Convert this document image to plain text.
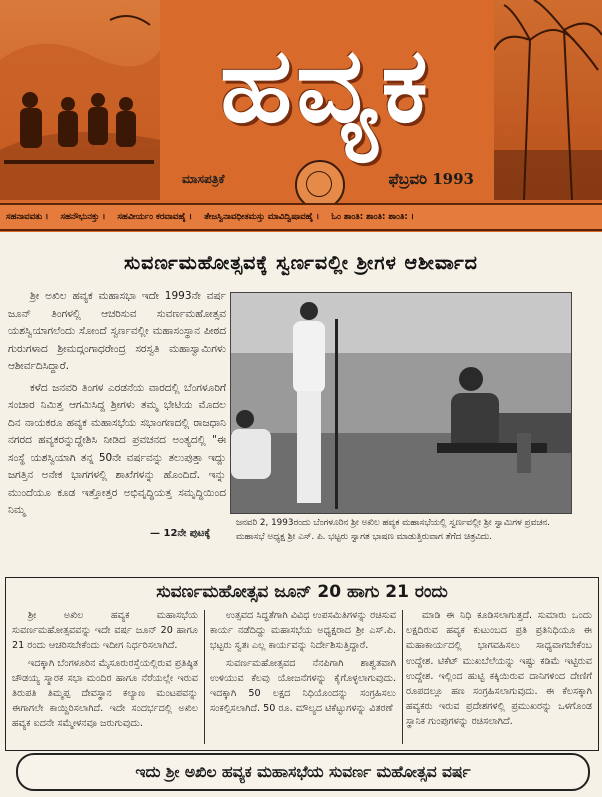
ಹವ್ಯಕ
ಮಾಸಪತ್ರಿಕೆ	ಫೆಬ್ರವರಿ 1993
ಸಹನಾವವತು ।	ಸಹನೌಭುನಕ್ತು ।	ಸಹವೀರ್ಯಂ ಕರವಾವಹೈ ।	ತೇಜಸ್ವಿನಾವಧೀತಮಸ್ತು ಮಾವಿದ್ವಿಷಾವಹೈ ।	ಓಂ ಶಾಂತಿ: ಶಾಂತಿ: ಶಾಂತಿ: ।
ಸುವರ್ಣಮಹೋತ್ಸವಕ್ಕೆ ಸ್ವರ್ಣವಲ್ಲೀ ಶ್ರೀಗಳ ಆಶೀರ್ವಾದ

ಶ್ರೀ ಅಖಿಲ ಹವ್ಯಕ ಮಹಾಸಭಾ ಇದೇ 1993ನೇ ವರ್ಷ ಜೂನ್ ತಿಂಗಳಲ್ಲಿ ಆಚರಿಸುವ ಸುವರ್ಣಮಹೋತ್ಸವ ಯಶಸ್ವಿಯಾಗಲೆಂದು ಸೋಂದೆ ಸ್ವರ್ಣವಲ್ಲೀ ಮಹಾಸಂಸ್ಥಾನ ಪೀಠದ ಗುರುಗಳಾದ ಶ್ರೀಮದ್ಗಂಗಾಧರೇಂದ್ರ ಸರಸ್ವತಿ ಮಹಾಸ್ವಾಮಿಗಳು ಆಶೀರ್ವದಿಸಿದ್ದಾರೆ.

ಕಳೆದ ಜನವರಿ ತಿಂಗಳ ಎರಡನೆಯ ವಾರದಲ್ಲಿ ಬೆಂಗಳೂರಿಗೆ ಸಂಚಾರ ನಿಮಿತ್ತ ಆಗಮಿಸಿದ್ದ ಶ್ರೀಗಳು ತಮ್ಮ ಭೇಟಿಯ ಮೊದಲ ದಿನ ನಾಯಕರೂ ಹವ್ಯಕ ಮಹಾಸಭೆಯ ಸಭಾಂಗಣದಲ್ಲಿ ರಾಜಧಾನಿ ನಗರದ ಹವ್ಯಕರನ್ನುದ್ದೇಶಿಸಿ ನೀಡಿದ ಪ್ರವಚನದ ಅಂತ್ಯದಲ್ಲಿ "ಈ ಸಂಸ್ಥೆ ಯಶಸ್ವಿಯಾಗಿ ತನ್ನ 50ನೇ ವರ್ಷವನ್ನು ತಲುಪುತ್ತಾ ಇದ್ದು ಜಗತ್ತಿನ ಅನೇಕ ಭಾಗಗಳಲ್ಲಿ ಶಾಖೆಗಳನ್ನು ಹೊಂದಿದೆ. ಇನ್ನು ಮುಂದೆಯೂ ಕೂಡ ಇತ್ತೋತ್ತರ ಅಭಿವೃದ್ಧಿಯತ್ತ ಸಮೃದ್ಧಿಯಿಂದ ನಿಮ್ಮ

— 12ನೇ ಪುಟಕ್ಕೆ
ಜನವರಿ 2, 1993ರಂದು ಬೆಂಗಳೂರಿನ ಶ್ರೀ ಅಖಿಲ ಹವ್ಯಕ ಮಹಾಸಭೆಯಲ್ಲಿ ಸ್ವರ್ಣವಲ್ಲೀ ಶ್ರೀ ಸ್ವಾಮಿಗಳ ಪ್ರವಚನ. ಮಹಾಸಭೆ ಅಧ್ಯಕ್ಷ ಶ್ರೀ ಎಸ್. ಪಿ. ಭಟ್ಟರು ಸ್ವಾಗತ ಭಾಷಣ ಮಾಡುತ್ತಿರುವಾಗ ತೆಗೆದ ಚಿತ್ರವಿದು.
ಸುವರ್ಣಮಹೋತ್ಸವ ಜೂನ್ 20 ಹಾಗು 21 ರಂದು

ಶ್ರೀ ಅಖಿಲ ಹವ್ಯಕ ಮಹಾಸಭೆಯ ಸುವರ್ಣಮಹೋತ್ಸವವನ್ನು ಇದೇ ವರ್ಷ ಜೂನ್ 20 ಹಾಗೂ 21 ರಂದು ಆಚರಿಸಬೇಕೆಂದು ಇದೀಗ ನಿರ್ಧರಿಸಲಾಗಿದೆ.

ಇದಕ್ಕಾಗಿ ಬೆಂಗಳೂರಿನ ಮೈಸೂರುರಸ್ತೆಯಲ್ಲಿರುವ ಪ್ರತಿಷ್ಠಿತ ಚೌಡಯ್ಯ ಸ್ಮಾರಕ ಸಭಾ ಮಂದಿರ ಹಾಗೂ ನೆರೆಯಲ್ಲೇ ಇರುವ ತಿರುಪತಿ ತಿಮ್ಮಪ್ಪ ದೇವಸ್ಥಾನ ಕಲ್ಯಾಣ ಮಂಟಪವನ್ನು ಈಗಾಗಲೇ ಕಾಯ್ದಿರಿಸಲಾಗಿದೆ. ಇದೇ ಸಂದರ್ಭದಲ್ಲಿ ಅಖಿಲ ಹವ್ಯಕ ಐದನೇ ಸಮ್ಮೇಳನವೂ ಜರುಗುವುದು.

ಉತ್ಸವದ ಸಿದ್ಧತೆಗಾಗಿ ವಿವಿಧ ಉಪಸಮಿತಿಗಳನ್ನು ರಚಿಸುವ ಕಾರ್ಯ ನಡೆದಿದ್ದು ಮಹಾಸಭೆಯ ಅಧ್ಯಕ್ಷರಾದ ಶ್ರೀ ಎಸ್.ಪಿ. ಭಟ್ಟರು ಸ್ವತಃ ಎಲ್ಲ ಕಾರ್ಯವನ್ನು ನಿರ್ದೇಶಿಸುತ್ತಿದ್ದಾರೆ.

ಸುವರ್ಣಮಹೋತ್ಸವದ ನೆನಪಿಗಾಗಿ ಶಾಶ್ವತವಾಗಿ ಉಳಿಯುವ ಕೆಲವು ಯೋಜನೆಗಳನ್ನು ಕೈಗೊಳ್ಳಲಾಗುವುದು. ಇದಕ್ಕಾಗಿ 50 ಲಕ್ಷದ ನಿಧಿಯೊಂದನ್ನು ಸಂಗ್ರಹಿಸಲು ಸಂಕಲ್ಪಿಸಲಾಗಿದೆ. 50 ರೂ. ಮೌಲ್ಯದ ಟಿಕೆಟ್ಟುಗಳನ್ನು ವಿತರಣೆ

ಮಾಡಿ ಈ ನಿಧಿ ಕೂಡಿಸಲಾಗುತ್ತದೆ. ಸುಮಾರು ಒಂದು ಲಕ್ಷದಿರುವ ಹವ್ಯಕ ಕುಟುಂಬದ ಪ್ರತಿ ಪ್ರತಿನಿಧಿಯೂ ಈ ಮಹಾಕಾರ್ಯದಲ್ಲಿ ಭಾಗವಹಿಸಲು ಸಾಧ್ಯವಾಗಬೇಕೆಂಬ ಉದ್ದೇಶ. ಟಿಕೆಟ್ ಮುಖಬೆಲೆಯನ್ನು ಇಷ್ಟು ಕಡಿಮೆ ಇಟ್ಟಿರುವ ಉದ್ದೇಶ. ಇಲ್ಲಿಂದ ಹುಟ್ಟಿ ಕಕ್ಕಿಯಿರುವ ದಾನಿಗಳಿಂದ ದೇಣಿಗೆ ರೂಪದಲ್ಲೂ ಹಣ ಸಂಗ್ರಹಿಸಲಾಗುವುದು. ಈ ಕೆಲಸಕ್ಕಾಗಿ ಹವ್ಯಕರು ಇರುವ ಪ್ರದೇಶಗಳಲ್ಲಿ ಪ್ರಮುಖರನ್ನು ಒಳಗೊಂಡ ಸ್ಥಾನಿಕ ಗುಂಪುಗಳನ್ನು ರಚಿಸಲಾಗಿದೆ.

ಇದು ಶ್ರೀ ಅಖಿಲ ಹವ್ಯಕ ಮಹಾಸಭೆಯ ಸುವರ್ಣ ಮಹೋತ್ಸವ ವರ್ಷ
